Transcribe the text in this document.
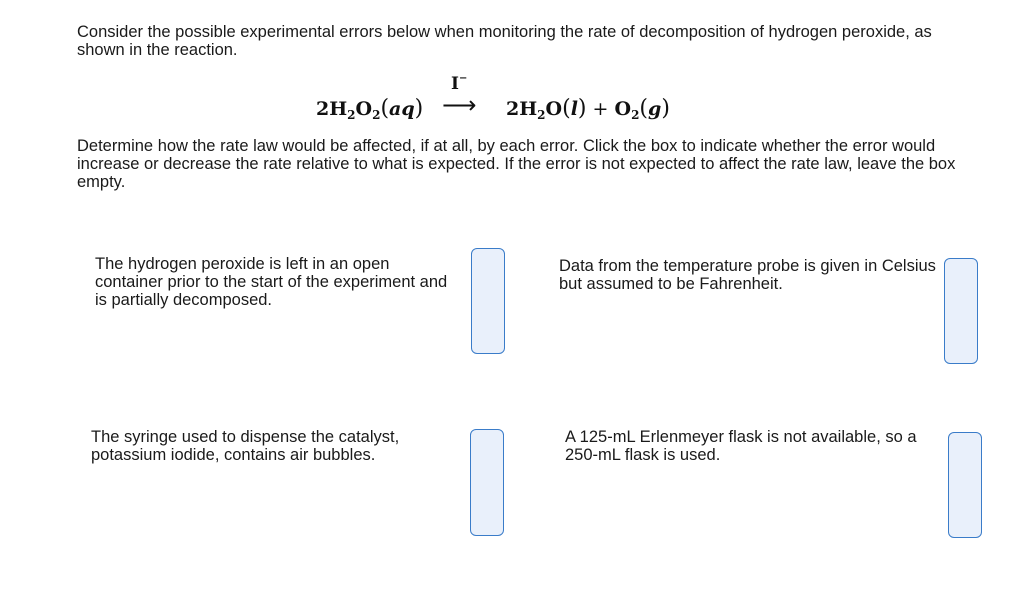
Consider the possible experimental errors below when monitoring the rate of decomposition of hydrogen peroxide, as shown in the reaction.
$2H_2O_2(aq)$
I−
⟶ $2H_2O(l) + O_2(g)$
Determine how the rate law would be affected, if at all, by each error. Click the box to indicate whether the error would increase or decrease the rate relative to what is expected. If the error is not expected to affect the rate law, leave the box empty.
The hydrogen peroxide is left in an open container prior to the start of the experiment and is partially decomposed.
Data from the temperature probe is given in Celsius but assumed to be Fahrenheit.
The syringe used to dispense the catalyst, potassium iodide, contains air bubbles.
A 125-mL Erlenmeyer flask is not available, so a 250-mL flask is used.
